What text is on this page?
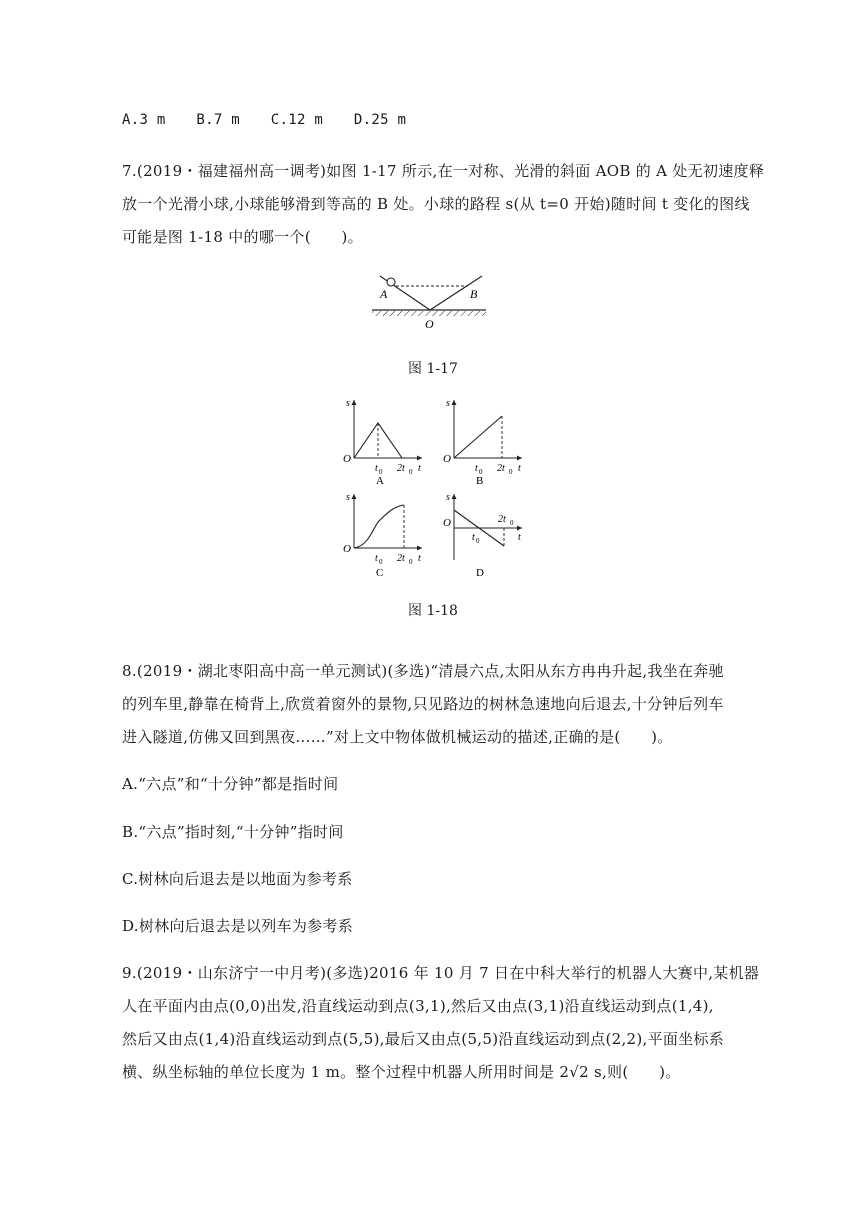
A.3 m B.7 m C.12 m D.25 m
7.(2019・福建福州高一调考)如图 1-17 所示,在一对称、光滑的斜面 AOB 的 A 处无初速度释
放一个光滑小球,小球能够滑到等高的 B 处。小球的路程 s(从 t=0 开始)随时间 t 变化的图线
可能是图 1-18 中的哪一个(　　)。
A	B
O
图 1-17
s
O
t 0 2t 0 t
A
s
O
t 0 2t 0 t
B
s
O
t 0 2t 0 t
C
s
O
t 0
2t 0
t
D
图 1-18
8.(2019・湖北枣阳高中高一单元测试)(多选)“清晨六点,太阳从东方冉冉升起,我坐在奔驰
的列车里,静靠在椅背上,欣赏着窗外的景物,只见路边的树林急速地向后退去,十分钟后列车
进入隧道,仿佛又回到黑夜……”对上文中物体做机械运动的描述,正确的是(　　)。
A.“六点”和“十分钟”都是指时间
B.“六点”指时刻,“十分钟”指时间
C.树林向后退去是以地面为参考系
D.树林向后退去是以列车为参考系
9.(2019・山东济宁一中月考)(多选)2016 年 10 月 7 日在中科大举行的机器人大赛中,某机器
人在平面内由点(0,0)出发,沿直线运动到点(3,1),然后又由点(3,1)沿直线运动到点(1,4),
然后又由点(1,4)沿直线运动到点(5,5),最后又由点(5,5)沿直线运动到点(2,2),平面坐标系
横、纵坐标轴的单位长度为 1 m。整个过程中机器人所用时间是 2√2 s,则(　　)。
